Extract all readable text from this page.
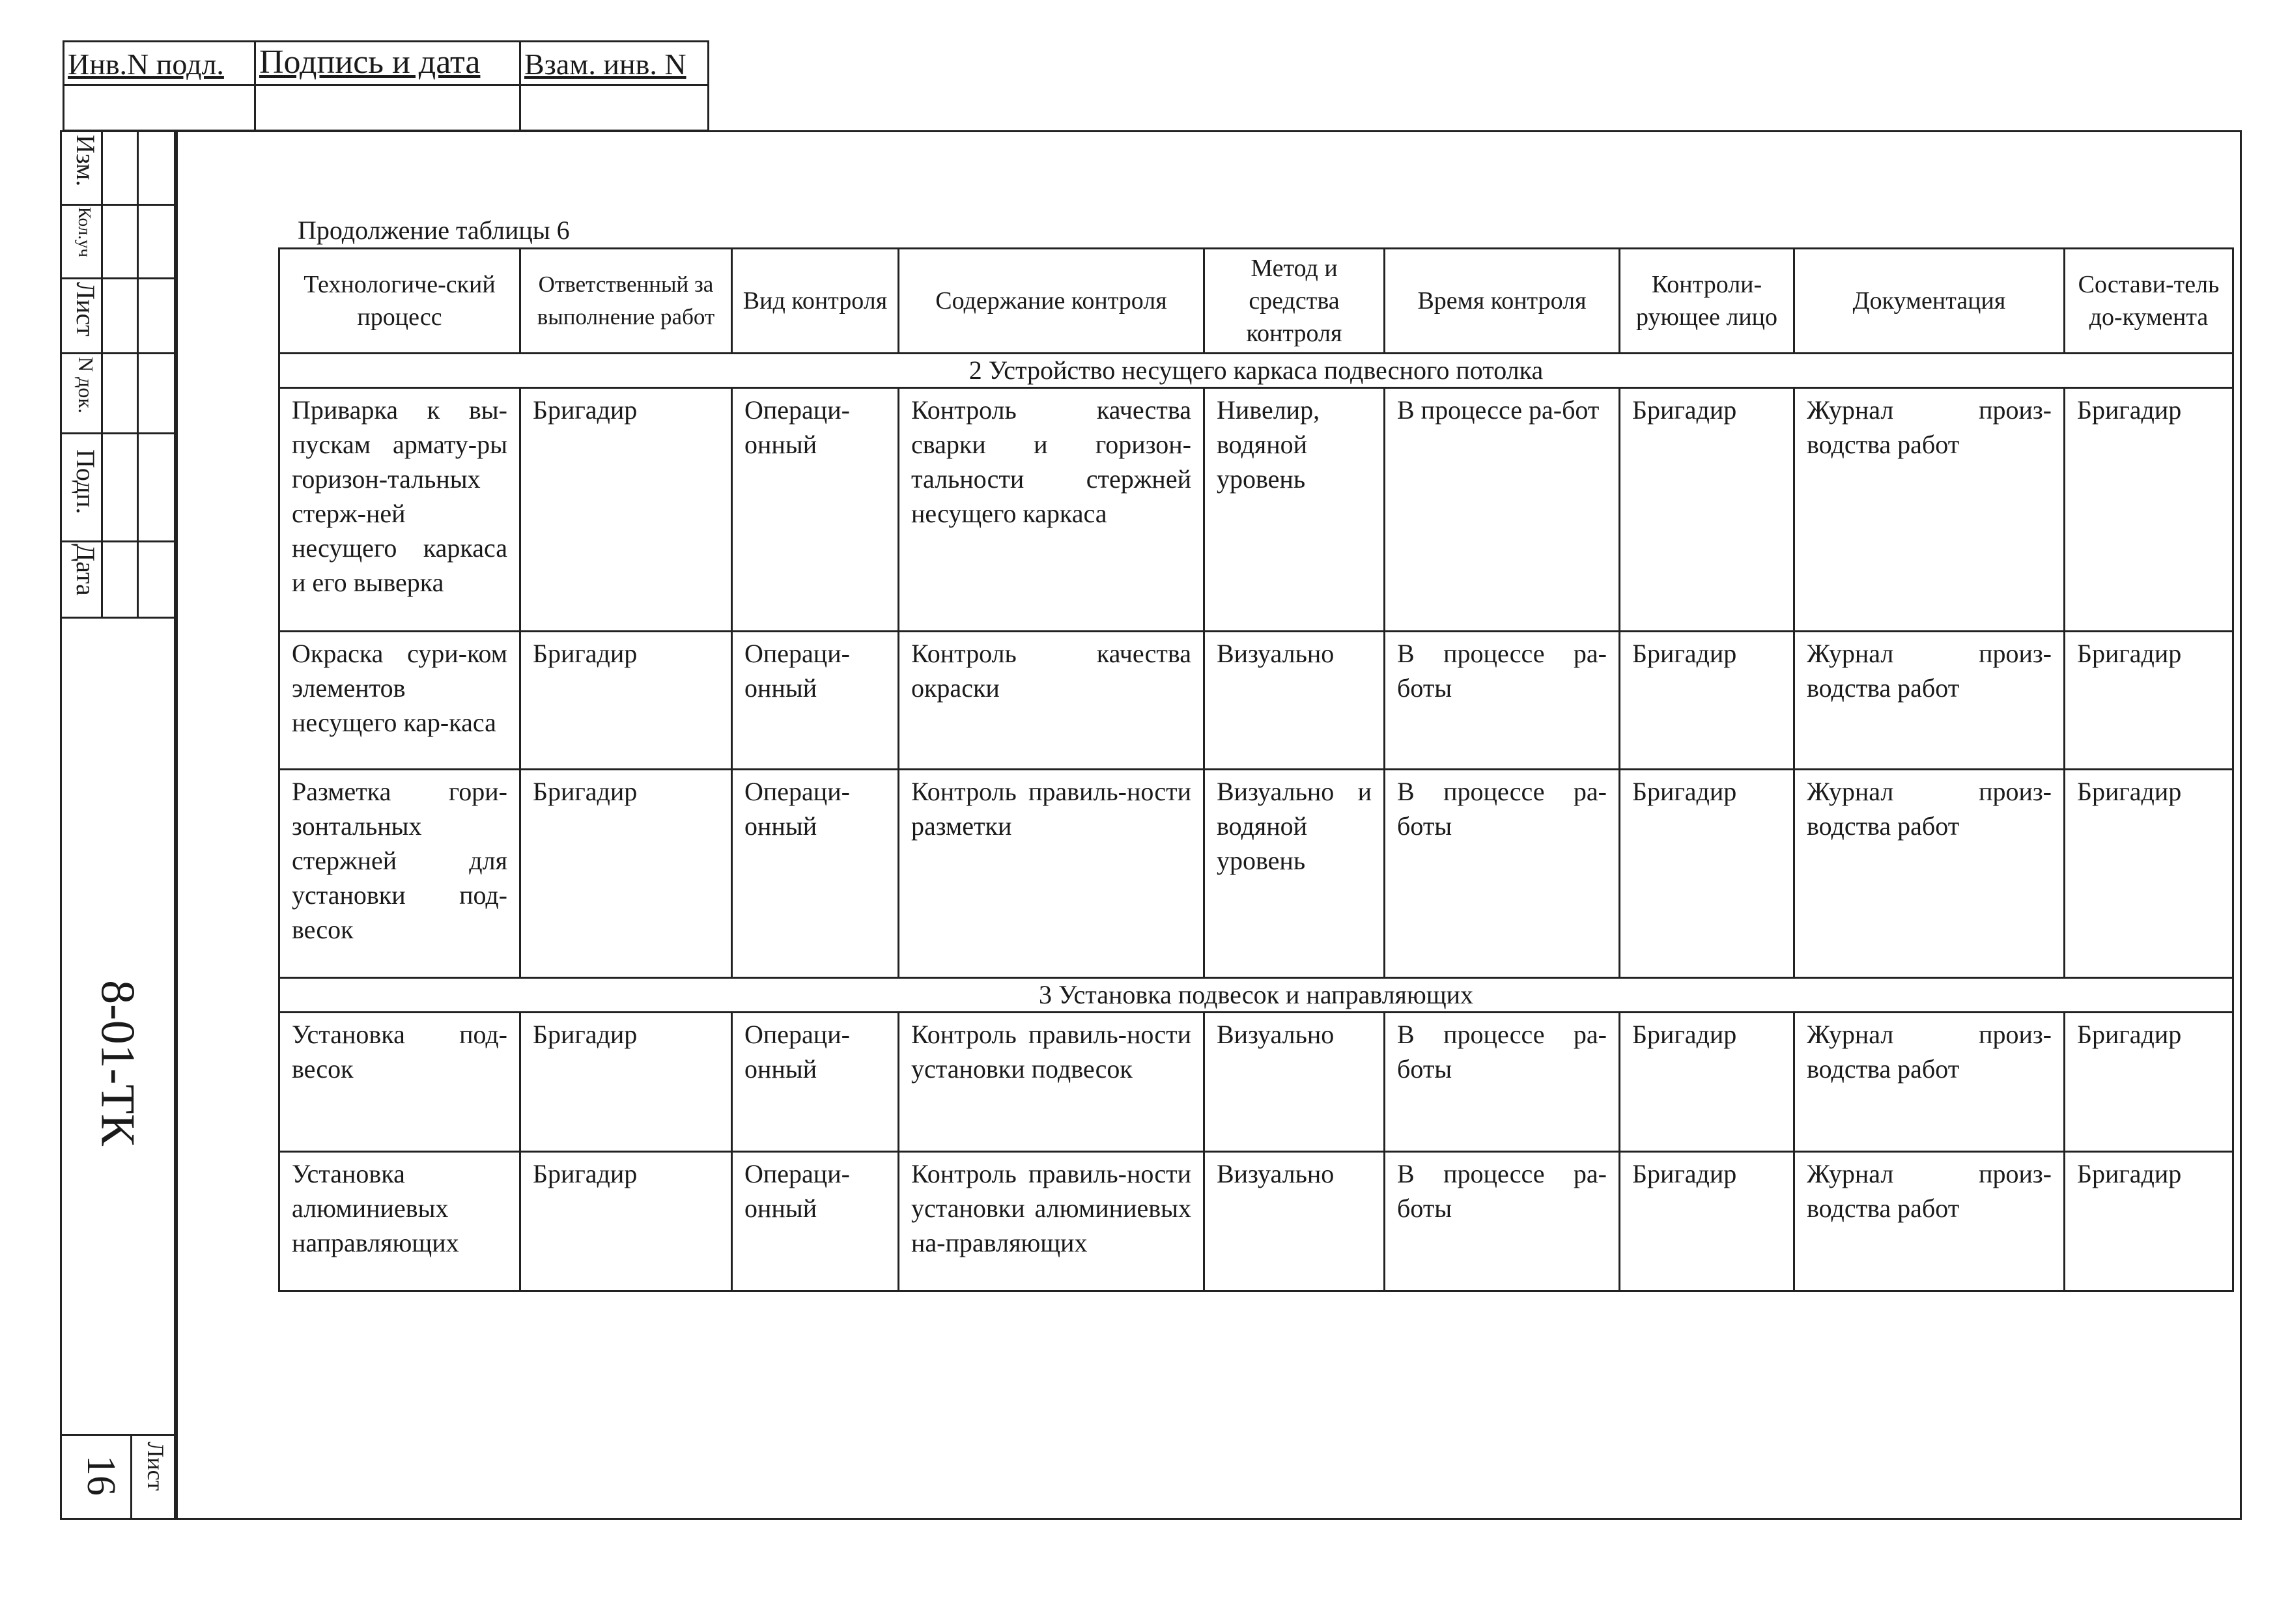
Инв.N подл. Подпись и дата Взам. инв. N
Изм.
Кол.уч
Лист
N док.
Подп.
Дата
8-01-ТК
Лист
16
Продолжение таблицы 6
Технологиче-ский процесс	Ответственный за выполнение работ	Вид контроля	Содержание контроля	Метод и средства контроля	Время контроля	Контроли-рующее лицо	Документация	Состави-тель до-кумента
2 Устройство несущего каркаса подвесного потолка								
Приварка к вы-пускам армату-ры горизон-тальных стерж-ней несущего каркаса и его выверка	Бригадир	Операци-онный	Контроль качества сварки и горизон-тальности стержней несущего каркаса	Нивелир, водяной уровень	В процессе ра-бот	Бригадир	Журнал произ-водства работ	Бригадир
Окраска сури-ком элементов несущего кар-каса	Бригадир	Операци-онный	Контроль качества окраски	Визуально	В процессе ра-боты	Бригадир	Журнал произ-водства работ	Бригадир
Разметка гори-зонтальных стержней для установки под-весок	Бригадир	Операци-онный	Контроль правиль-ности разметки	Визуально и водяной уровень	В процессе ра-боты	Бригадир	Журнал произ-водства работ	Бригадир
3 Установка подвесок и направляющих								
Установка под-весок	Бригадир	Операци-онный	Контроль правиль-ности установки подвесок	Визуально	В процессе ра-боты	Бригадир	Журнал произ-водства работ	Бригадир
Установка алюминиевых направляющих	Бригадир	Операци-онный	Контроль правиль-ности установки алюминиевых на-правляющих	Визуально	В процессе ра-боты	Бригадир	Журнал произ-водства работ	Бригадир
